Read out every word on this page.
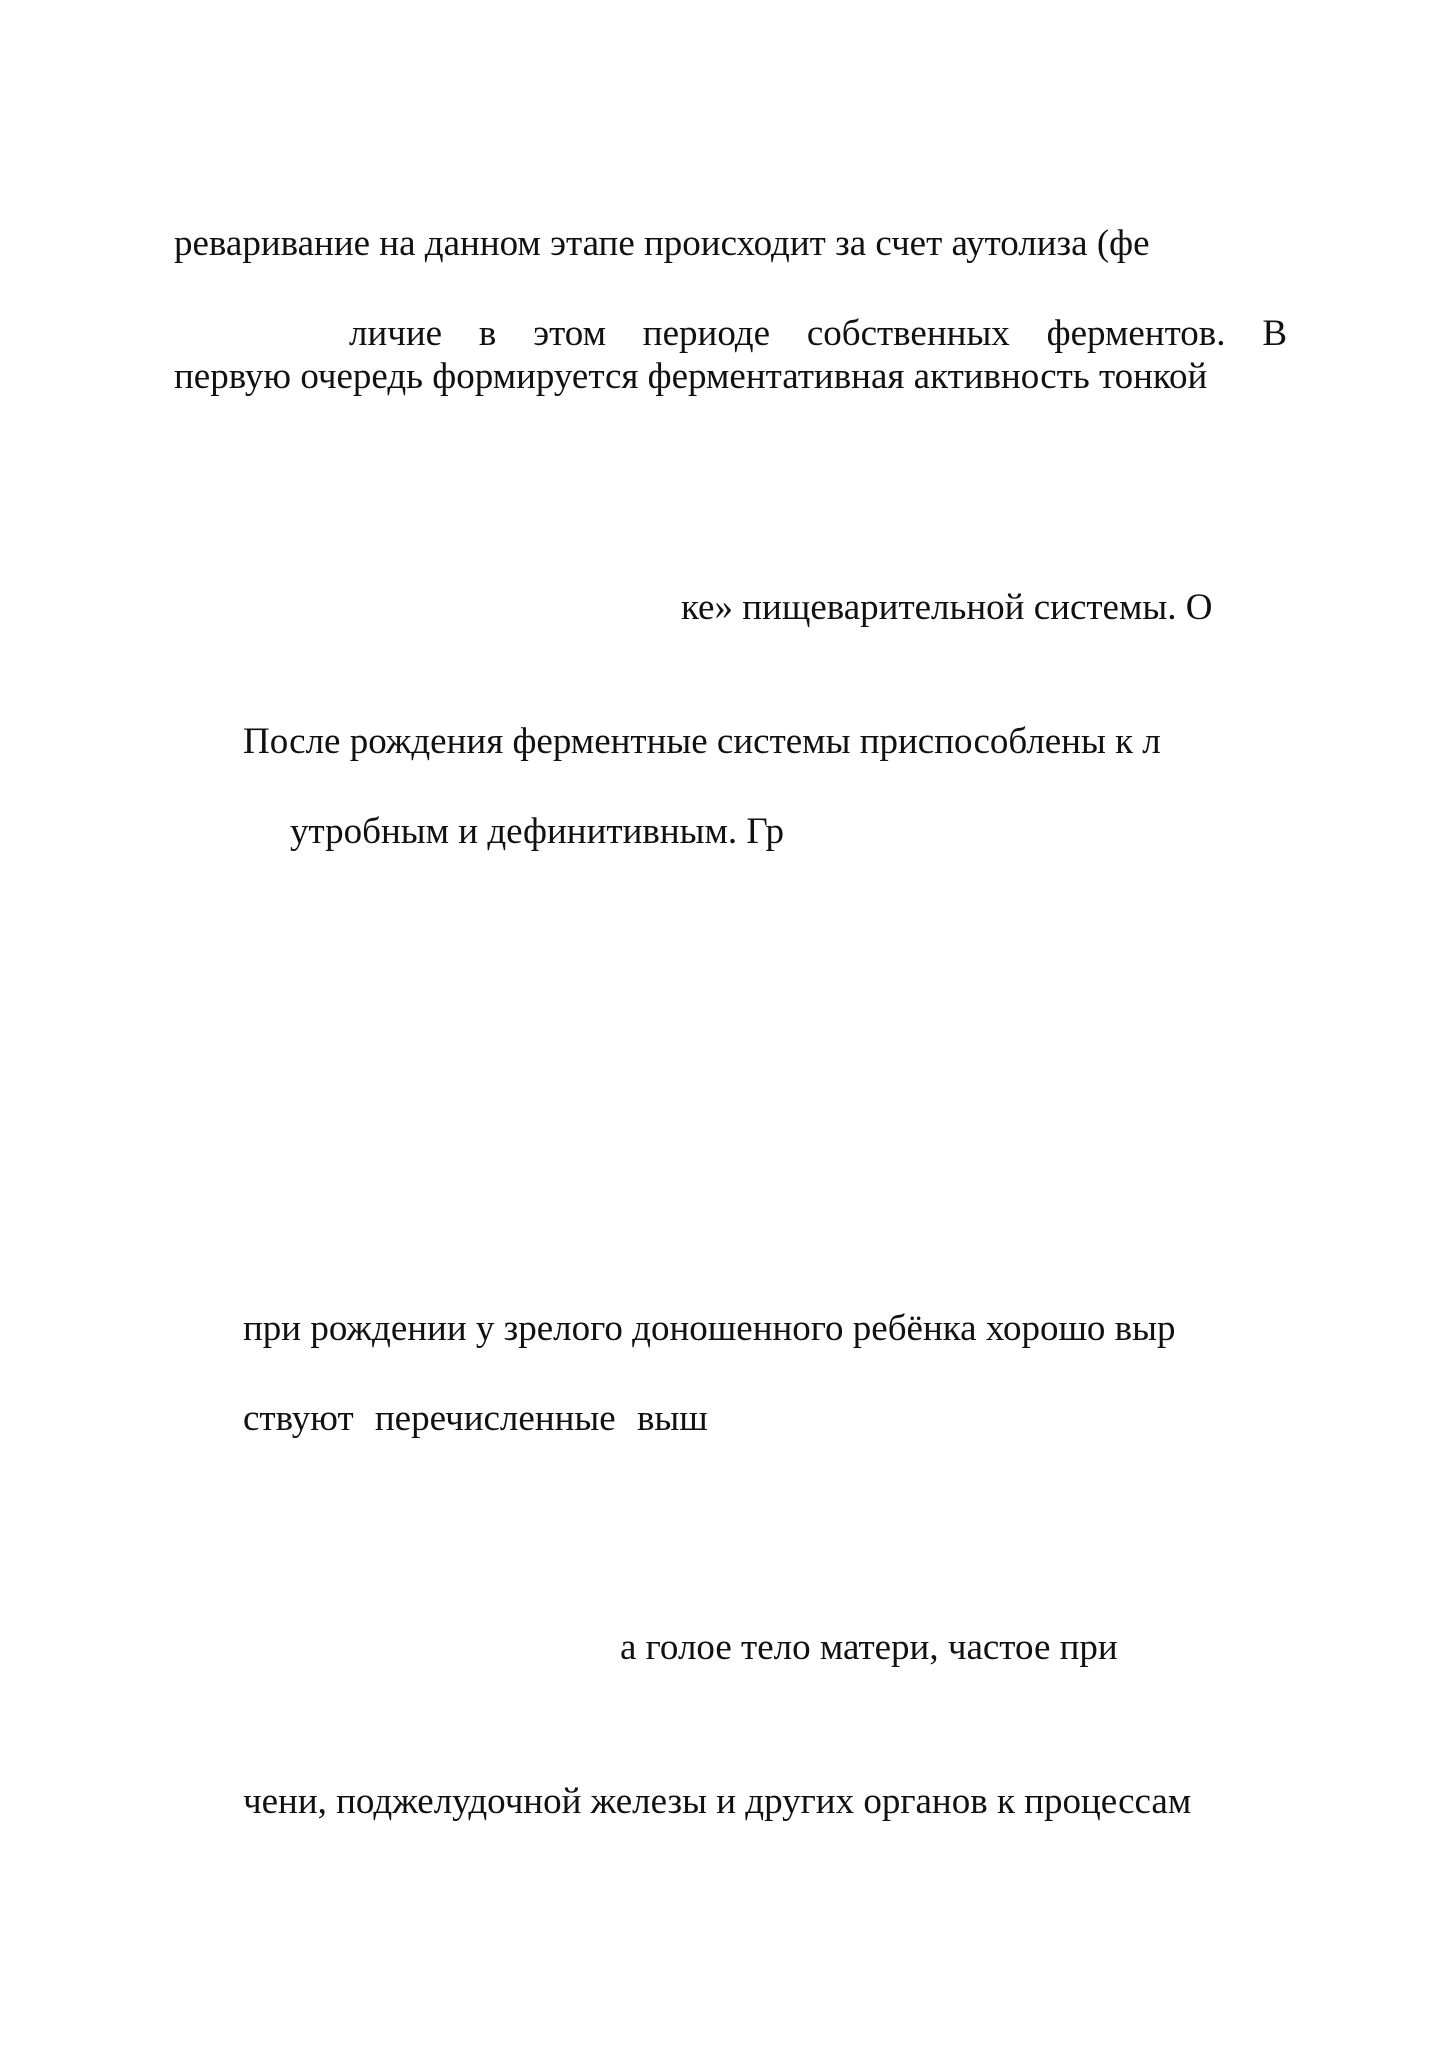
реваривание на данном этапе происходит за счет аутолиза (фе

личие в этом периоде собственных ферментов. В

первую очередь формируется ферментативная активность тонкой

ке» пищеварительной системы. О

После рождения ферментные системы приспособлены к л

утробным и дефинитивным. Гр

при рождении у зрелого доношенного ребёнка хорошо выр

ствуют перечисленные выш

а голое тело матери, частое при

чени, поджелудочной железы и других органов к процессам
